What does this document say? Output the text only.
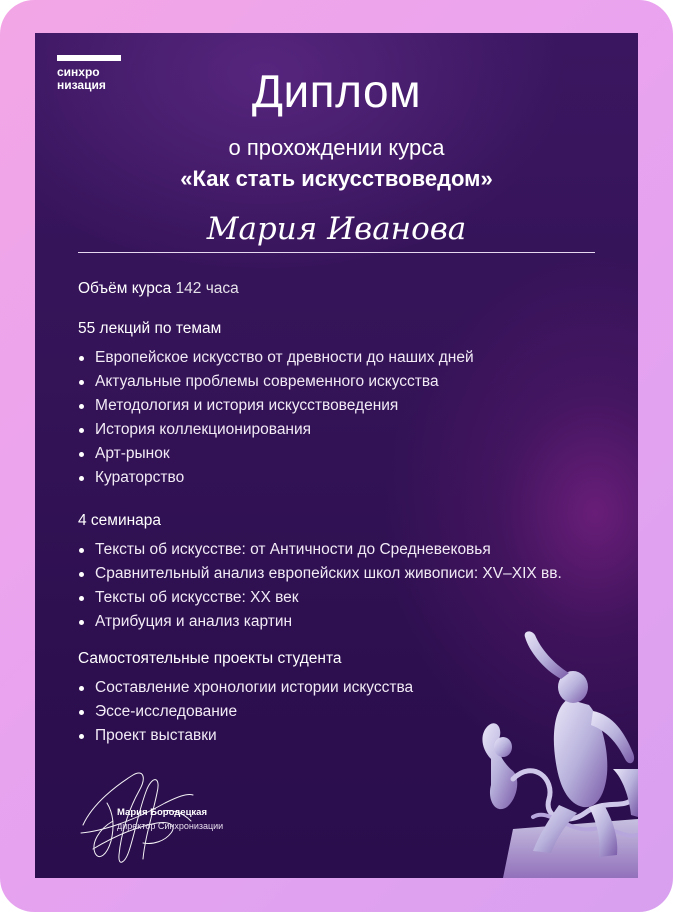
синхро
низация	Диплом
о прохождении курса
«Как стать искусствоведом»
Мария Иванова
Объём курса 142 часа
55 лекций по темам
Европейское искусство от древности до наших дней
Актуальные проблемы современного искусства
Методология и история искусствоведения
История коллекционирования
Арт-рынок
Кураторство
4 семинара
Тексты об искусстве: от Античности до Средневековья
Сравнительный анализ европейских школ живописи: XV–XIX вв.
Тексты об искусстве: XX век
Атрибуция и анализ картин
Самостоятельные проекты студента
Составление хронологии истории искусства
Эссе-исследование
Проект выставки
Мария Бородецкая
директор Синхронизации
